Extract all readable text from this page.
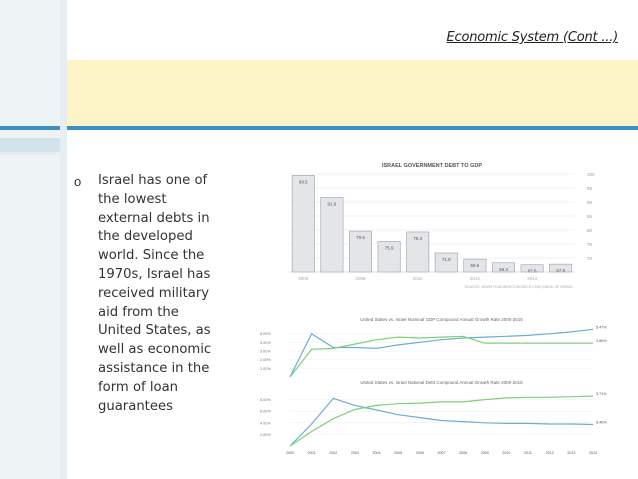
Economic System (Cont ...)
o Israel has one of
the lowest
external debts in
the developed
world. Since the
1970s, Israel has
received military
aid from the
United States, as
well as economic
assistance in the
form of loan
guarantees

ISRAEL GOVERNMENT DEBT TO GDP
70
75
80
85
90
95
100
99.5
91.6
79.6
75.9
79.3
71.8
69.6
68.3	67.6	67.8
2006	2008	2010	2012	2014
SOURCE: WWW.TRADINGECONOMICS.COM | BANK OF ISRAEL
United States vs. Israel Nominal GDP Compound Annual Growth Rate 2000-2015
1.00%
2.00%
3.00%
4.00%
5.00%
5.47%
3.85%
United States vs. Israel National Debt Compound Annual Growth Rate 2000-2015
2.00%
4.00%
6.00%
8.00%
8.46%
3.71%
2000	2001	2002	2003	2004	2005	2006	2007	2008	2009	2010	2011	2012	2013	2014
